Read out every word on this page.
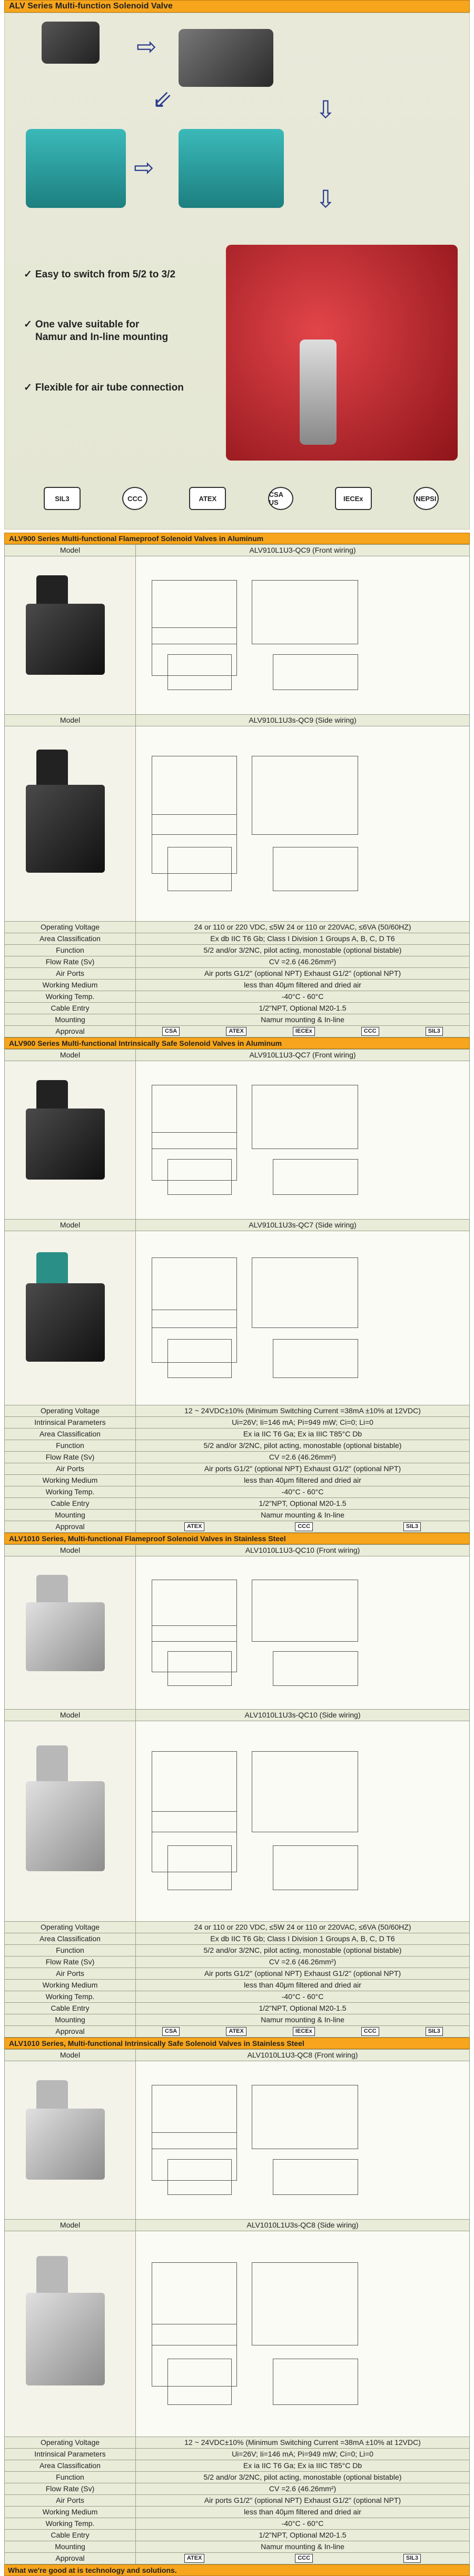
ALV Series Multi-function Solenoid Valve
⇨
⇙	⇩
⇨
⇩
✓ Easy to switch from 5/2 to 3/2
✓ One valve suitable for
Namur and In-line mounting
✓ Flexible for air tube connection
SIL3	CCC	ATEX	CSA US	IECEx	NEPSI
ALV900 Series Multi-functional Flameproof Solenoid Valves in Aluminum
Model	ALV910L1U3-QC9 (Front wiring)

Model	ALV910L1U3s-QC9 (Side wiring)

Operating Voltage	24 or 110 or 220 VDC, ≤5W 24 or 110 or 220VAC, ≤6VA (50/60HZ)
Area Classification	Ex db IIC T6 Gb; Class I Division 1 Groups A, B, C, D T6
Function	5/2 and/or 3/2NC, pilot acting, monostable (optional bistable)
Flow Rate (Sv)	CV =2.6 (46.26mm²)
Air Ports	Air ports G1/2" (optional NPT) Exhaust G1/2" (optional NPT)
Working Medium	less than 40μm filtered and dried air
Working Temp.	-40°C - 60°C
Cable Entry	1/2"NPT, Optional M20-1.5
Mounting	Namur mounting & In-line
Approval	CSA ATEX IECEx CCC SIL3
ALV900 Series Multi-functional Intrinsically Safe Solenoid Valves in Aluminum
Model	ALV910L1U3-QC7 (Front wiring)

Model	ALV910L1U3s-QC7 (Side wiring)

Operating Voltage	12 ~ 24VDC±10% (Minimum Switching Current =38mA ±10% at 12VDC)
Intrinsical Parameters	Ui=26V; Ii=146 mA; Pi=949 mW; Ci=0; Li=0
Area Classification	Ex ia IIC T6 Ga; Ex ia IIIC T85°C Db
Function	5/2 and/or 3/2NC, pilot acting, monostable (optional bistable)
Flow Rate (Sv)	CV =2.6 (46.26mm²)
Air Ports	Air ports G1/2" (optional NPT) Exhaust G1/2" (optional NPT)
Working Medium	less than 40μm filtered and dried air
Working Temp.	-40°C - 60°C
Cable Entry	1/2"NPT, Optional M20-1.5
Mounting	Namur mounting & In-line
Approval	ATEX CCC SIL3
ALV1010 Series, Multi-functional Flameproof Solenoid Valves in Stainless Steel
Model	ALV1010L1U3-QC10 (Front wiring)

Model	ALV1010L1U3s-QC10 (Side wiring)

Operating Voltage	24 or 110 or 220 VDC, ≤5W 24 or 110 or 220VAC, ≤6VA (50/60HZ)
Area Classification	Ex db IIC T6 Gb; Class I Division 1 Groups A, B, C, D T6
Function	5/2 and/or 3/2NC, pilot acting, monostable (optional bistable)
Flow Rate (Sv)	CV =2.6 (46.26mm²)
Air Ports	Air ports G1/2" (optional NPT) Exhaust G1/2" (optional NPT)
Working Medium	less than 40μm filtered and dried air
Working Temp.	-40°C - 60°C
Cable Entry	1/2"NPT, Optional M20-1.5
Mounting	Namur mounting & In-line
Approval	CSA ATEX IECEx CCC SIL3
ALV1010 Series, Multi-functional Intrinsically Safe Solenoid Valves in Stainless Steel
Model	ALV1010L1U3-QC8 (Front wiring)

Model	ALV1010L1U3s-QC8 (Side wiring)

Operating Voltage	12 ~ 24VDC±10% (Minimum Switching Current =38mA ±10% at 12VDC)
Intrinsical Parameters	Ui=26V; Ii=146 mA; Pi=949 mW; Ci=0; Li=0
Area Classification	Ex ia IIC T6 Ga; Ex ia IIIC T85°C Db
Function	5/2 and/or 3/2NC, pilot acting, monostable (optional bistable)
Flow Rate (Sv)	CV =2.6 (46.26mm²)
Air Ports	Air ports G1/2" (optional NPT) Exhaust G1/2" (optional NPT)
Working Medium	less than 40μm filtered and dried air
Working Temp.	-40°C - 60°C
Cable Entry	1/2"NPT, Optional M20-1.5
Mounting	Namur mounting & In-line
Approval	ATEX CCC SIL3
What we're good at is technology and solutions.
